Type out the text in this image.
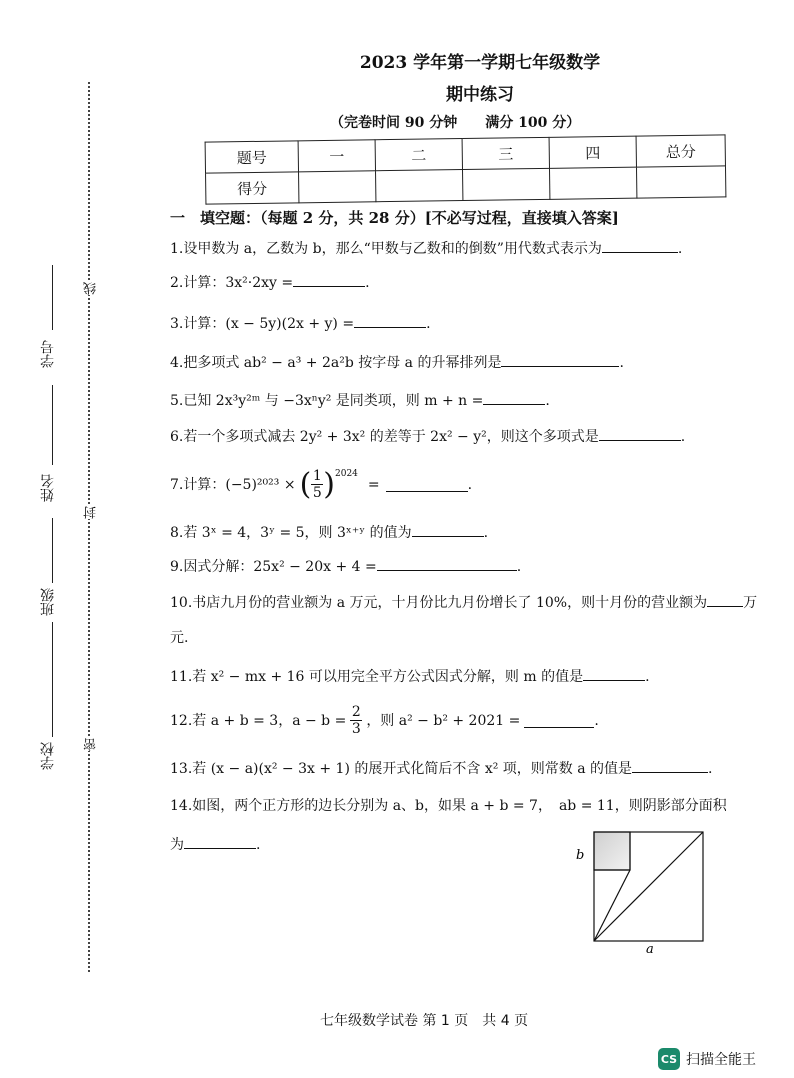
线
封
密
学号
姓名
班级
学校
2023 学年第一学期七年级数学
期中练习
（完卷时间 90 分钟　　满分 100 分）
题号	一	二	三	四	总分
得分					
一　填空题：（每题 2 分，共 28 分）[不必写过程，直接填入答案]
1.设甲数为 a，乙数为 b，那么“甲数与乙数和的倒数”用代数式表示为	.
2.计算：3x²·2xy =	.
3.计算：(x − 5y)(2x + y) =	.
4.把多项式 ab² − a³ + 2a²b 按字母 a 的升幂排列是	.
5.已知 2x³y²ᵐ 与 −3xⁿy² 是同类项，则 m + n =	.
6.若一个多项式减去 2y² + 3x² 的差等于 2x² − y²，则这个多项式是	.
7.计算：(−5)²⁰²³ × ( 1
5 ) 2024
=	.
8.若 3ˣ = 4，3ʸ = 5，则 3ˣ⁺ʸ 的值为	.
9.因式分解：25x² − 20x + 4 =	.
10.书店九月份的营业额为 a 万元，十月份比九月份增长了 10%，则十月份的营业额为	万
元.
11.若 x² − mx + 16 可以用完全平方公式因式分解，则 m 的值是	.
12.若 a + b = 3，a − b =
2
3
，则 a² − b² + 2021 =	.
13.若 (x − a)(x² − 3x + 1) 的展开式化简后不含 x² 项，则常数 a 的值是	.
14.如图，两个正方形的边长分别为 a、b，如果 a + b = 7，　ab = 11，则阴影部分面积
为	.
b
a
七年级数学试卷 第 1 页　共 4 页
CS 扫描全能王
